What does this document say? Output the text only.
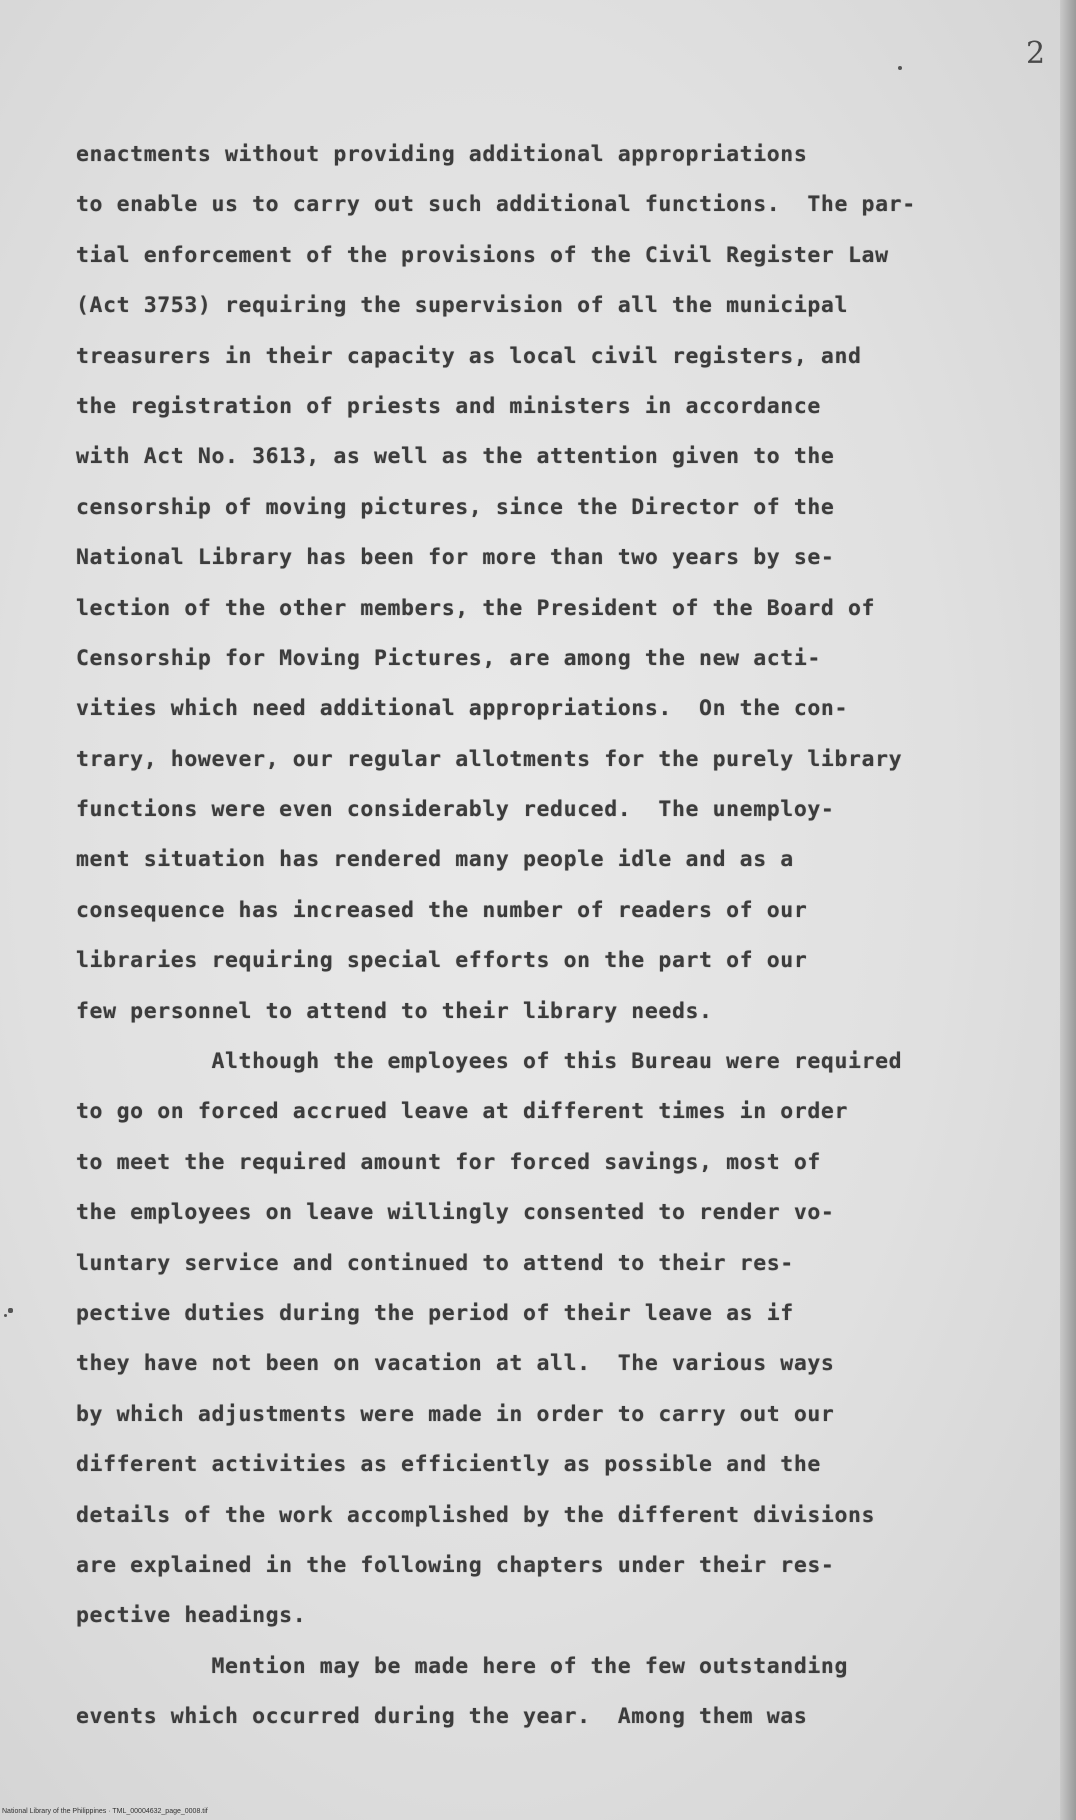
2
enactments without providing additional appropriations
to enable us to carry out such additional functions.  The par-
tial enforcement of the provisions of the Civil Register Law
(Act 3753) requiring the supervision of all the municipal
treasurers in their capacity as local civil registers, and
the registration of priests and ministers in accordance
with Act No. 3613, as well as the attention given to the
censorship of moving pictures, since the Director of the
National Library has been for more than two years by se-
lection of the other members, the President of the Board of
Censorship for Moving Pictures, are among the new acti-
vities which need additional appropriations.  On the con-
trary, however, our regular allotments for the purely library
functions were even considerably reduced.  The unemploy-
ment situation has rendered many people idle and as a
consequence has increased the number of readers of our
libraries requiring special efforts on the part of our
few personnel to attend to their library needs.
Although the employees of this Bureau were required
to go on forced accrued leave at different times in order
to meet the required amount for forced savings, most of
the employees on leave willingly consented to render vo-
luntary service and continued to attend to their res-
pective duties during the period of their leave as if
they have not been on vacation at all.  The various ways
by which adjustments were made in order to carry out our
different activities as efficiently as possible and the
details of the work accomplished by the different divisions
are explained in the following chapters under their res-
pective headings.
Mention may be made here of the few outstanding
events which occurred during the year.  Among them was
National Library of the Philippines · TML_00004632_page_0008.tif
